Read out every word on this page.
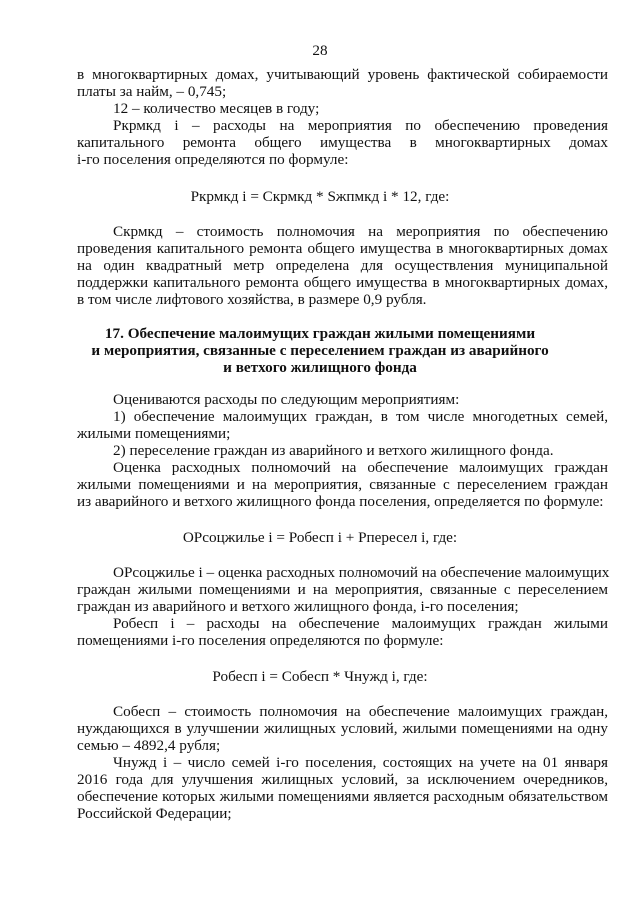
28
в многоквартирных домах, учитывающий уровень фактической собираемости
платы за найм, – 0,745;
12 – количество месяцев в году;
Ркрмкд i – расходы на мероприятия по обеспечению проведения
капитального ремонта общего имущества в многоквартирных домах
i-го поселения определяются по формуле:
Ркрмкд i = Скрмкд * Sжпмкд i * 12, где:
Скрмкд – стоимость полномочия на мероприятия по обеспечению
проведения капитального ремонта общего имущества в многоквартирных домах
на один квадратный метр определена для осуществления муниципальной
поддержки капитального ремонта общего имущества в многоквартирных домах,
в том числе лифтового хозяйства, в размере 0,9 рубля.
17. Обеспечение малоимущих граждан жилыми помещениями
и мероприятия, связанные с переселением граждан из аварийного
и ветхого жилищного фонда
Оцениваются расходы по следующим мероприятиям:
1) обеспечение малоимущих граждан, в том числе многодетных семей,
жилыми помещениями;
2) переселение граждан из аварийного и ветхого жилищного фонда.
Оценка расходных полномочий на обеспечение малоимущих граждан
жилыми помещениями и на мероприятия, связанные с переселением граждан
из аварийного и ветхого жилищного фонда поселения, определяется по формуле:
ОРсоцжилье i = Робесп i + Рпересел i, где:
ОРсоцжилье i – оценка расходных полномочий на обеспечение малоимущих
граждан жилыми помещениями и на мероприятия, связанные с переселением
граждан из аварийного и ветхого жилищного фонда, i-го поселения;
Робесп i – расходы на обеспечение малоимущих граждан жилыми
помещениями i-го поселения определяются по формуле:
Робесп i = Собесп * Чнужд i, где:
Собесп – стоимость полномочия на обеспечение малоимущих граждан,
нуждающихся в улучшении жилищных условий, жилыми помещениями на одну
семью – 4892,4 рубля;
Чнужд i – число семей i-го поселения, состоящих на учете на 01 января
2016 года для улучшения жилищных условий, за исключением очередников,
обеспечение которых жилыми помещениями является расходным обязательством
Российской Федерации;
